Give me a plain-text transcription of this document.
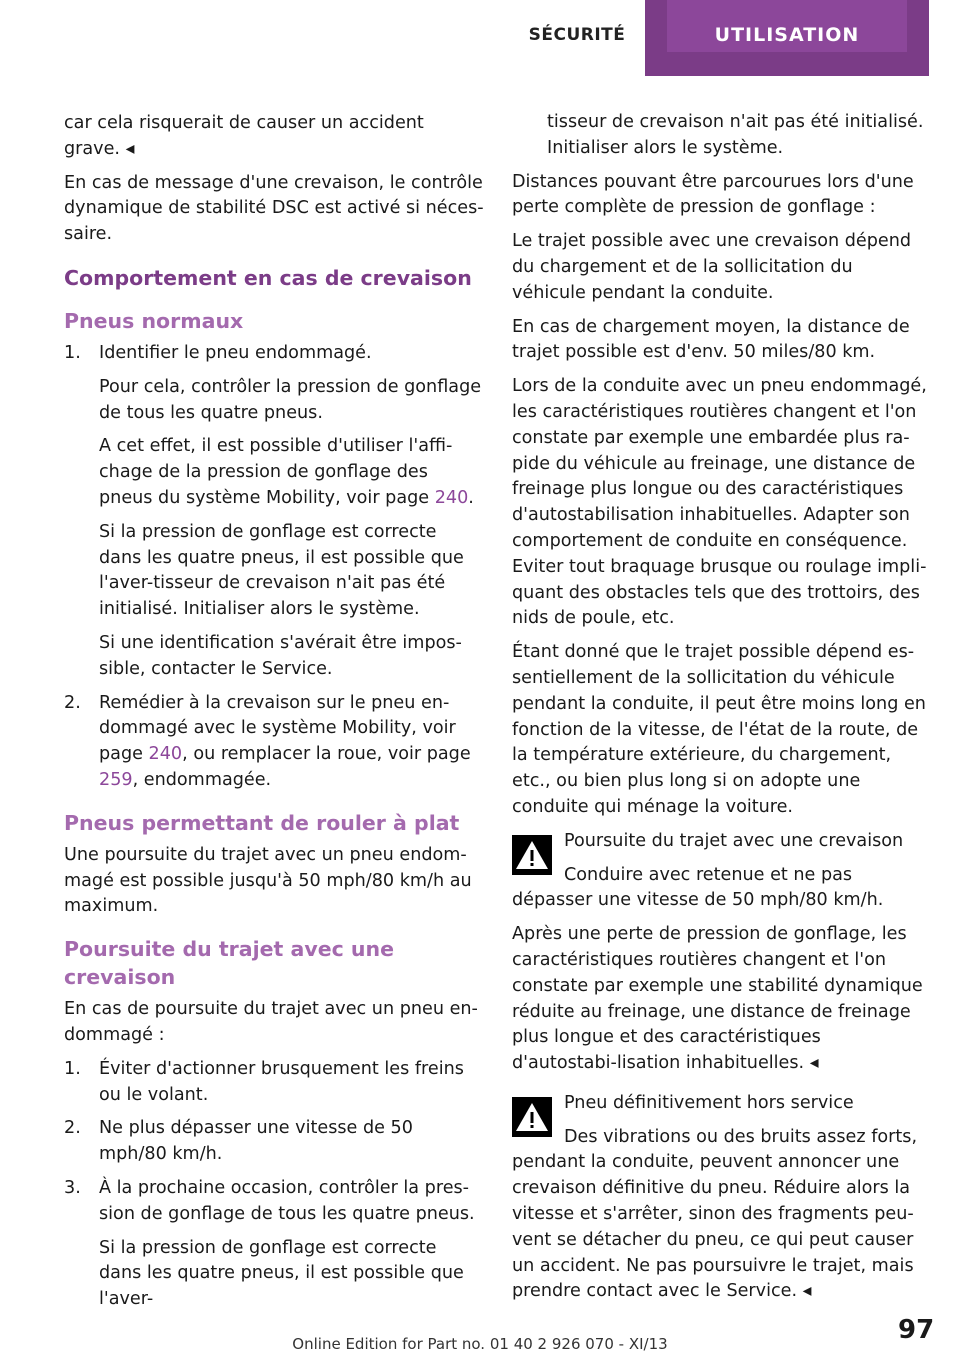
SÉCURITÉ	UTILISATION

car cela risquerait de causer un accident grave. ◂

En cas de message d'une crevaison, le contrôle dynamique de stabilité DSC est activé si néces-saire.

Comportement en cas de crevaison
Pneus normaux
1. Identifier le pneu endommagé.

Pour cela, contrôler la pression de gonflage de tous les quatre pneus.

A cet effet, il est possible d'utiliser l'affi-chage de la pression de gonflage des pneus du système Mobility, voir page 240.

Si la pression de gonflage est correcte dans les quatre pneus, il est possible que l'aver-tisseur de crevaison n'ait pas été initialisé. Initialiser alors le système.

Si une identification s'avérait être impos-sible, contacter le Service.

2. Remédier à la crevaison sur le pneu en-dommagé avec le système Mobility, voir page 240, ou remplacer la roue, voir page 259, endommagée.

Pneus permettant de rouler à plat

Une poursuite du trajet avec un pneu endom-magé est possible jusqu'à 50 mph/80 km/h au maximum.

Poursuite du trajet avec une crevaison

En cas de poursuite du trajet avec un pneu en-dommagé :

1. Éviter d'actionner brusquement les freins ou le volant.

2. Ne plus dépasser une vitesse de 50 mph/80 km/h.

3. À la prochaine occasion, contrôler la pres-sion de gonflage de tous les quatre pneus.

Si la pression de gonflage est correcte dans les quatre pneus, il est possible que l'aver-

tisseur de crevaison n'ait pas été initialisé. Initialiser alors le système.

Distances pouvant être parcourues lors d'une perte complète de pression de gonflage :

Le trajet possible avec une crevaison dépend du chargement et de la sollicitation du véhicule pendant la conduite.

En cas de chargement moyen, la distance de trajet possible est d'env. 50 miles/80 km.

Lors de la conduite avec un pneu endommagé, les caractéristiques routières changent et l'on constate par exemple une embardée plus ra-pide du véhicule au freinage, une distance de freinage plus longue ou des caractéristiques d'autostabilisation inhabituelles. Adapter son comportement de conduite en conséquence. Eviter tout braquage brusque ou roulage impli-quant des obstacles tels que des trottoirs, des nids de poule, etc.

Étant donné que le trajet possible dépend es-sentiellement de la sollicitation du véhicule pendant la conduite, il peut être moins long en fonction de la vitesse, de l'état de la route, de la température extérieure, du chargement, etc., ou bien plus long si on adopte une conduite qui ménage la voiture.

Poursuite du trajet avec une crevaison

Conduire avec retenue et ne pas dépasser une vitesse de 50 mph/80 km/h.

Après une perte de pression de gonflage, les caractéristiques routières changent et l'on constate par exemple une stabilité dynamique réduite au freinage, une distance de freinage plus longue et des caractéristiques d'autostabi-lisation inhabituelles. ◂

Pneu définitivement hors service

Des vibrations ou des bruits assez forts, pendant la conduite, peuvent annoncer une crevaison définitive du pneu. Réduire alors la vitesse et s'arrêter, sinon des fragments peu-vent se détacher du pneu, ce qui peut causer un accident. Ne pas poursuivre le trajet, mais prendre contact avec le Service. ◂

97
Online Edition for Part no. 01 40 2 926 070 - XI/13
